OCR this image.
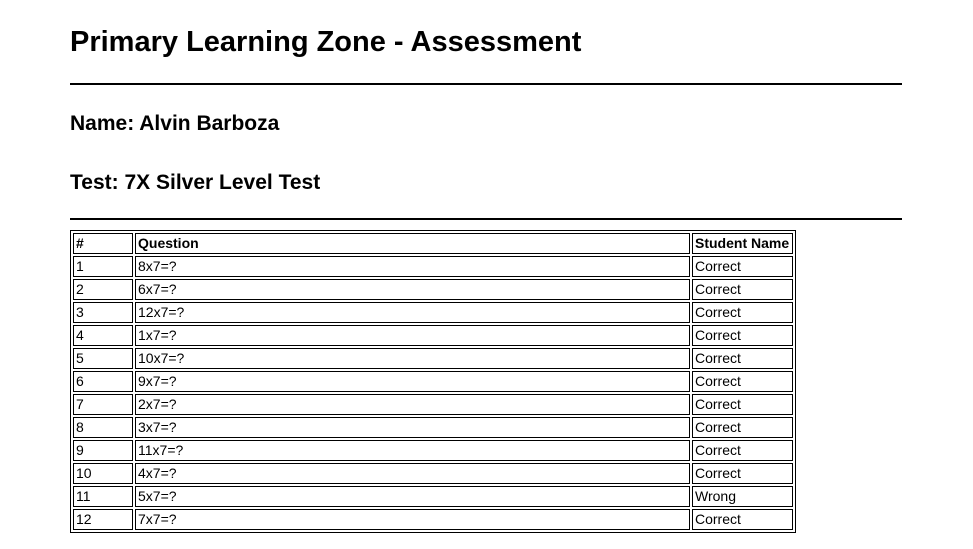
Primary Learning Zone - Assessment

Name: Alvin Barboza

Test: 7X Silver Level Test

#	Question	Student Name
1	8x7=?	Correct
2	6x7=?	Correct
3	12x7=?	Correct
4	1x7=?	Correct
5	10x7=?	Correct
6	9x7=?	Correct
7	2x7=?	Correct
8	3x7=?	Correct
9	11x7=?	Correct
10	4x7=?	Correct
11	5x7=?	Wrong
12	7x7=?	Correct
